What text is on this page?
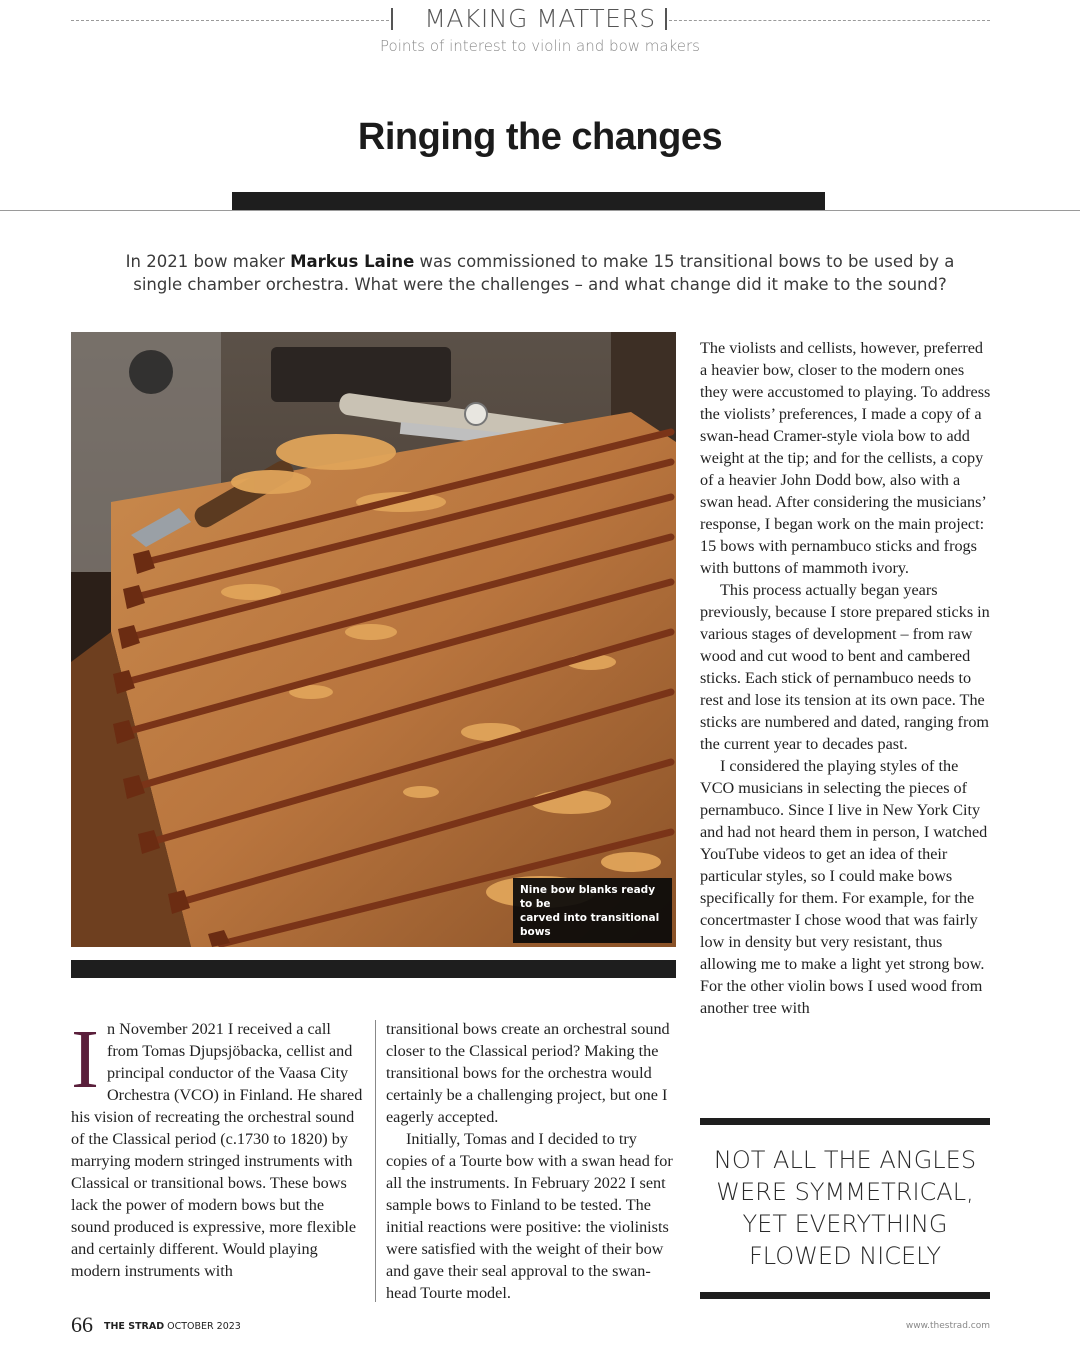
MAKING MATTERS
Points of interest to violin and bow makers
Ringing the changes
In 2021 bow maker Markus Laine was commissioned to make 15 transitional bows to be used by a single chamber orchestra. What were the challenges – and what change did it make to the sound?
Nine bow blanks ready to be
carved into transitional bows
I n November 2021 I received a call from Tomas Djupsjöbacka, cellist and principal conductor of the Vaasa City Orchestra (VCO) in Finland. He shared his vision of recreating the orchestral sound of the Classical period (c.1730 to 1820) by marrying modern stringed instruments with Classical or transitional bows. These bows lack the power of modern bows but the sound produced is expressive, more flexible and certainly different. Would playing modern instruments with

transitional bows create an orchestral sound closer to the Classical period? Making the transitional bows for the orchestra would certainly be a challenging project, but one I eagerly accepted.

Initially, Tomas and I decided to try copies of a Tourte bow with a swan head for all the instruments. In February 2022 I sent sample bows to Finland to be tested. The initial reactions were positive: the violinists were satisfied with the weight of their bow and gave their seal approval to the swan-head Tourte model.

The violists and cellists, however, preferred a heavier bow, closer to the modern ones they were accustomed to playing. To address the violists’ preferences, I made a copy of a swan-head Cramer-style viola bow to add weight at the tip; and for the cellists, a copy of a heavier John Dodd bow, also with a swan head. After considering the musicians’ response, I began work on the main project: 15 bows with pernambuco sticks and frogs with buttons of mammoth ivory.

This process actually began years previously, because I store prepared sticks in various stages of development – from raw wood and cut wood to bent and cambered sticks. Each stick of pernambuco needs to rest and lose its tension at its own pace. The sticks are numbered and dated, ranging from the current year to decades past.

I considered the playing styles of the VCO musicians in selecting the pieces of pernambuco. Since I live in New York City and had not heard them in person, I watched YouTube videos to get an idea of their particular styles, so I could make bows specifically for them. For example, for the concertmaster I chose wood that was fairly low in density but very resistant, thus allowing me to make a light yet strong bow. For the other violin bows I used wood from another tree with

NOT ALL THE ANGLES WERE SYMMETRICAL, YET EVERYTHING FLOWED NICELY
66 THE STRAD OCTOBER 2023	www.thestrad.com
